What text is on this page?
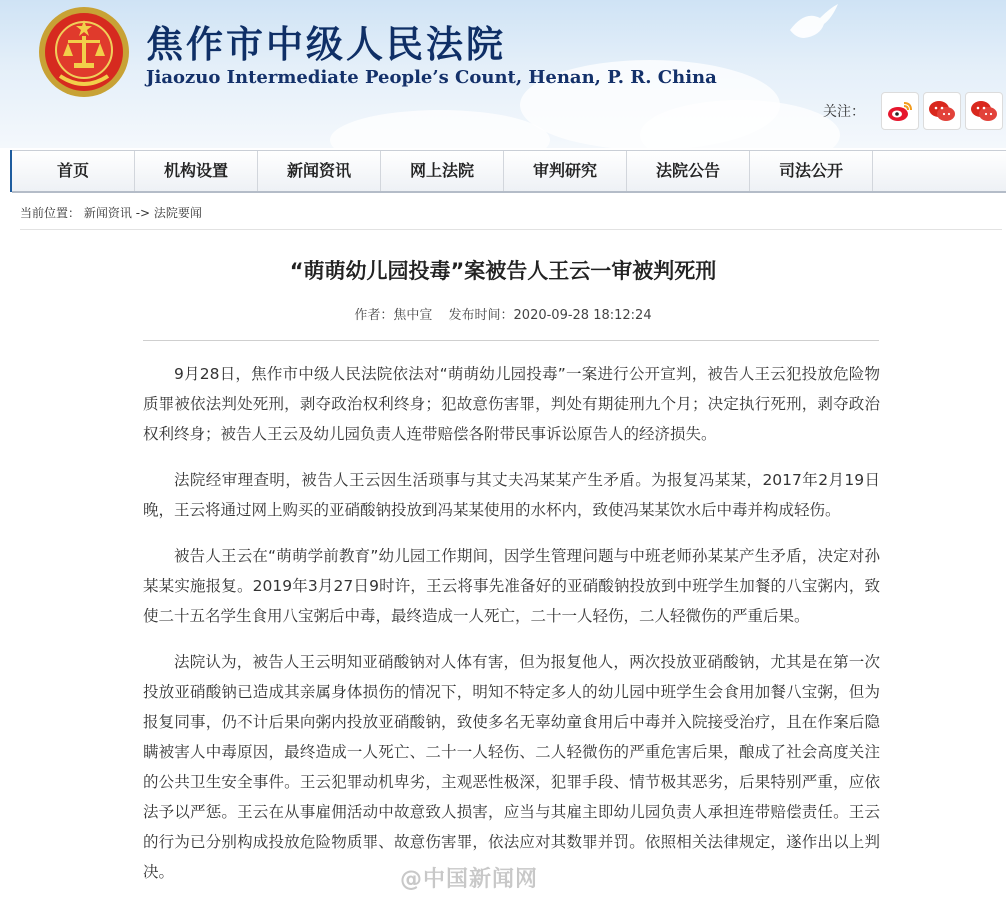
焦作市中级人民法院
Jiaozuo Intermediate People’s Count, Henan, P. R. China
关注：
首页	机构设置	新闻资讯	网上法院	审判研究	法院公告	司法公开
当前位置： 新闻资讯 -> 法院要闻
“萌萌幼儿园投毒”案被告人王云一审被判死刑
作者：焦中宣 发布时间：2020-09-28 18:12:24

9月28日，焦作市中级人民法院依法对“萌萌幼儿园投毒”一案进行公开宣判，被告人王云犯投放危险物质罪被依法判处死刑，剥夺政治权利终身；犯故意伤害罪，判处有期徒刑九个月；决定执行死刑，剥夺政治权利终身；被告人王云及幼儿园负责人连带赔偿各附带民事诉讼原告人的经济损失。

法院经审理查明，被告人王云因生活琐事与其丈夫冯某某产生矛盾。为报复冯某某，2017年2月19日晚，王云将通过网上购买的亚硝酸钠投放到冯某某使用的水杯内，致使冯某某饮水后中毒并构成轻伤。

被告人王云在“萌萌学前教育”幼儿园工作期间，因学生管理问题与中班老师孙某某产生矛盾，决定对孙某某实施报复。2019年3月27日9时许，王云将事先准备好的亚硝酸钠投放到中班学生加餐的八宝粥内，致使二十五名学生食用八宝粥后中毒，最终造成一人死亡，二十一人轻伤，二人轻微伤的严重后果。

法院认为，被告人王云明知亚硝酸钠对人体有害，但为报复他人，两次投放亚硝酸钠，尤其是在第一次投放亚硝酸钠已造成其亲属身体损伤的情况下，明知不特定多人的幼儿园中班学生会食用加餐八宝粥，但为报复同事，仍不计后果向粥内投放亚硝酸钠，致使多名无辜幼童食用后中毒并入院接受治疗，且在作案后隐瞒被害人中毒原因，最终造成一人死亡、二十一人轻伤、二人轻微伤的严重危害后果，酿成了社会高度关注的公共卫生安全事件。王云犯罪动机卑劣，主观恶性极深，犯罪手段、情节极其恶劣，后果特别严重，应依法予以严惩。王云在从事雇佣活动中故意致人损害，应当与其雇主即幼儿园负责人承担连带赔偿责任。王云的行为已分别构成投放危险物质罪、故意伤害罪，依法应对其数罪并罚。依照相关法律规定，遂作出以上判决。	@中国新闻网
